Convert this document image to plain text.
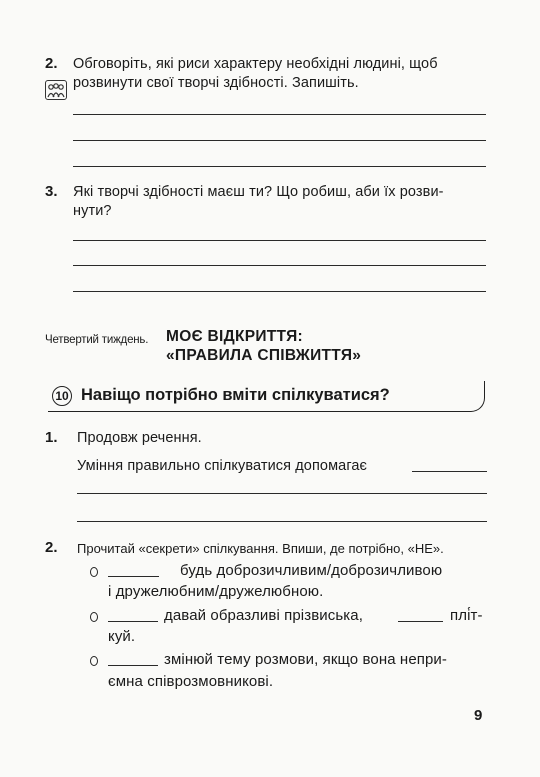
2. Обговоріть, які риси характеру необхідні людині, щоб
розвинути свої творчі здібності. Запишіть.
3. Які творчі здібності маєш ти? Що робиш, аби їх розви-
нути?
Четвертий тиждень. МОЄ ВІДКРИТТЯ:
«ПРАВИЛА СПІВЖИТТЯ»
10 Навіщо потрібно вміти спілкуватися?
1. Продовж речення.
Уміння правильно спілкуватися допомагає
2. Прочитай «секрети» спілкування. Впиши, де потрібно, «НЕ».
будь доброзичливим/доброзичливою
і дружелюбним/дружелюбною.
давай образливі прізвиська,	плі́т-
куй.
змінюй тему розмови, якщо вона непри-
ємна співрозмовникові.
9
